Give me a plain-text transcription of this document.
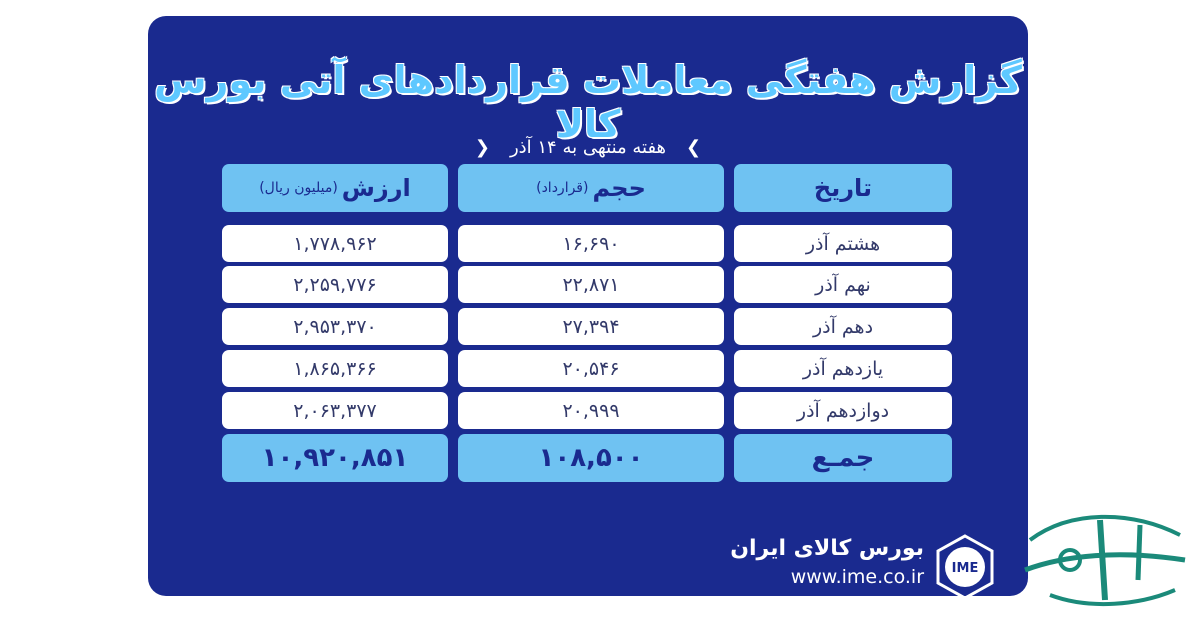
گزارش هفتگی معاملات قراردادهای آتی بورس کالا
❯
هفته منتهی به ۱۴ آذر
❮
تاریخ
حجم
(قرارداد)
ارزش
(میلیون ریال)
هشتم آذر
۱۶,۶۹۰
۱,۷۷۸,۹۶۲
نهم آذر
۲۲,۸۷۱
۲,۲۵۹,۷۷۶
دهم آذر
۲۷,۳۹۴
۲,۹۵۳,۳۷۰
یازدهم آذر
۲۰,۵۴۶
۱,۸۶۵,۳۶۶
دوازدهم آذر
۲۰,۹۹۹
۲,۰۶۳,۳۷۷
جمـع
۱۰۸,۵۰۰
۱۰,۹۲۰,۸۵۱
بورس کالای ایران
www.ime.co.ir IME
